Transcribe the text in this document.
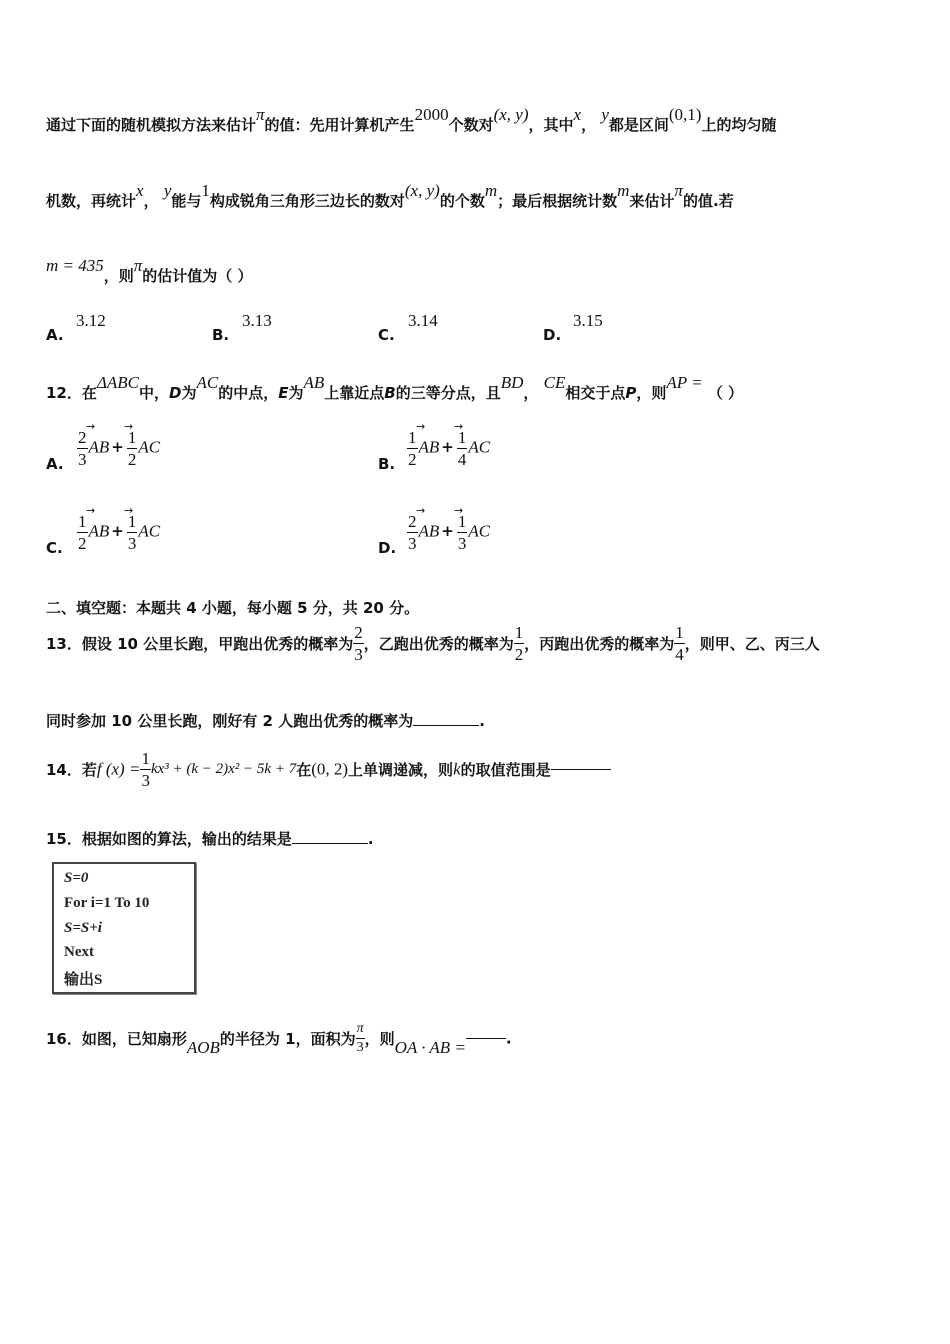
通过下面的随机模拟方法来估计π的值：先用计算机产生2000个数对(x, y)，其中x， y都是区间(0,1)上的均匀随
机数，再统计x， y能与1构成锐角三角形三边长的数对(x, y)的个数m；最后根据统计数m来估计π的值.若
m = 435，则π的估计值为（ ）
A.
3.12
B.
3.13
C.
3.14
D.
3.15
12．在ΔABC中，D为AC的中点，E为AB上靠近点B的三等分点，且BD， CE相交于点P，则AP = （ ）
A. $\frac{2}{3}$ AB + $\frac{1}{2}$ AC
→	→
B. $\frac{1}{2}$ AB + $\frac{1}{4}$ AC
→	→
C. $\frac{1}{2}$ AB + $\frac{1}{3}$ AC
→	→
D. $\frac{2}{3}$ AB + $\frac{1}{3}$ AC
→	→
二、填空题：本题共 4 小题，每小题 5 分，共 20 分。
13．假设 10 公里长跑，甲跑出优秀的概率为 $\frac{2}{3}$ ，乙跑出优秀的概率为 $\frac{1}{2}$ ，丙跑出优秀的概率为 $\frac{1}{4}$ ，则甲、乙、丙三人
同时参加 10 公里长跑，刚好有 2 人跑出优秀的概率为	.
14．若f $(x) = \frac{1}{3} kx^3 + (k - 2)x^2 - 5k + 7$在(0, 2)上单调递减，则k的取值范围是
15．根据如图的算法，输出的结果是	.
S=0
For i=1 To 10
S=S+i
Next
输出S
16．如图，已知扇形AOB的半径为 1，面积为 $\frac{\pi}{3}$ ，则OA · AB =	.
